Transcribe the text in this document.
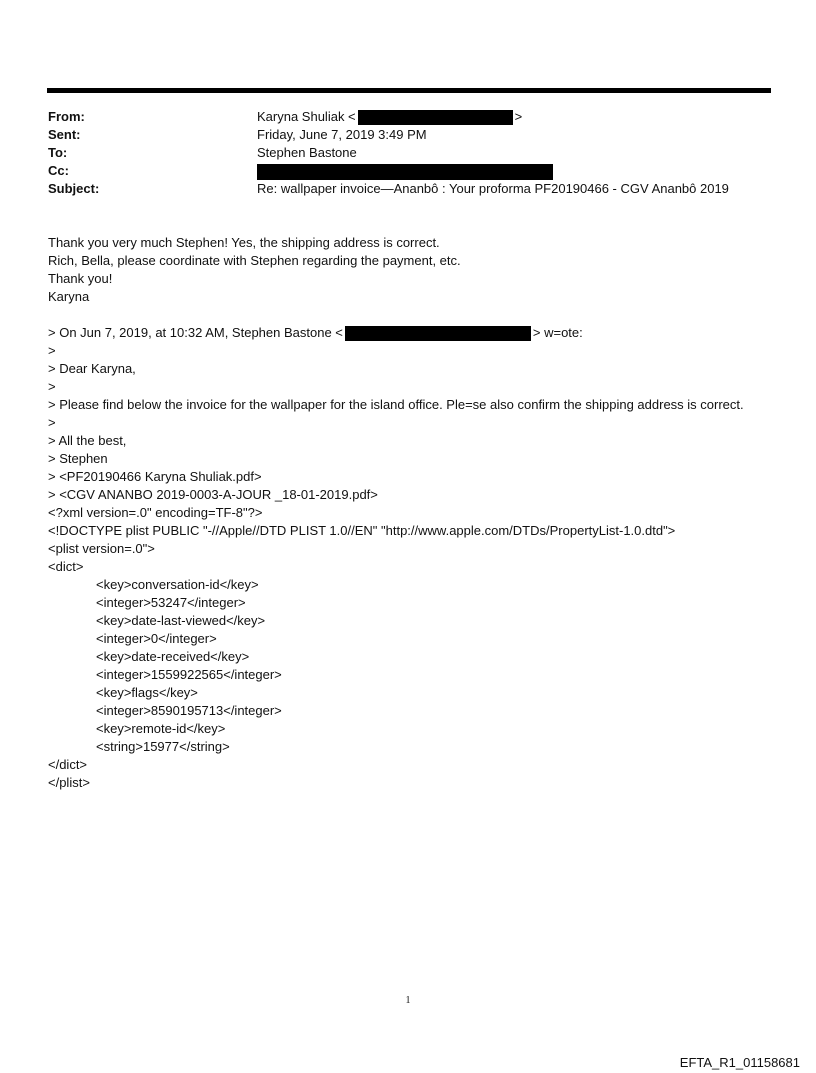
From:	Karyna Shuliak <	>
Sent:	Friday, June 7, 2019 3:49 PM
To:	Stephen Bastone
Cc:
Subject:	Re: wallpaper invoice—Ananbô : Your proforma PF20190466 - CGV Ananbô 2019
Thank you very much Stephen! Yes, the shipping address is correct.
Rich, Bella, please coordinate with Stephen regarding the payment, etc.
Thank you!
Karyna
> On Jun 7, 2019, at 10:32 AM, Stephen Bastone <	> w=ote:
>
> Dear Karyna,
>
> Please find below the invoice for the wallpaper for the island office. Ple=se also confirm the shipping address is correct.
>
> All the best,
> Stephen
> <PF20190466 Karyna Shuliak.pdf>
> <CGV ANANBO 2019-0003-A-JOUR _18-01-2019.pdf>
<?xml version=.0" encoding=TF-8"?>
<!DOCTYPE plist PUBLIC "-//Apple//DTD PLIST 1.0//EN" "http://www.apple.com/DTDs/PropertyList-1.0.dtd">
<plist version=.0">
<dict>
<key>conversation-id</key>
<integer>53247</integer>
<key>date-last-viewed</key>
<integer>0</integer>
<key>date-received</key>
<integer>1559922565</integer>
<key>flags</key>
<integer>8590195713</integer>
<key>remote-id</key>
<string>15977</string>
</dict>
</plist>
1
EFTA_R1_01158681
